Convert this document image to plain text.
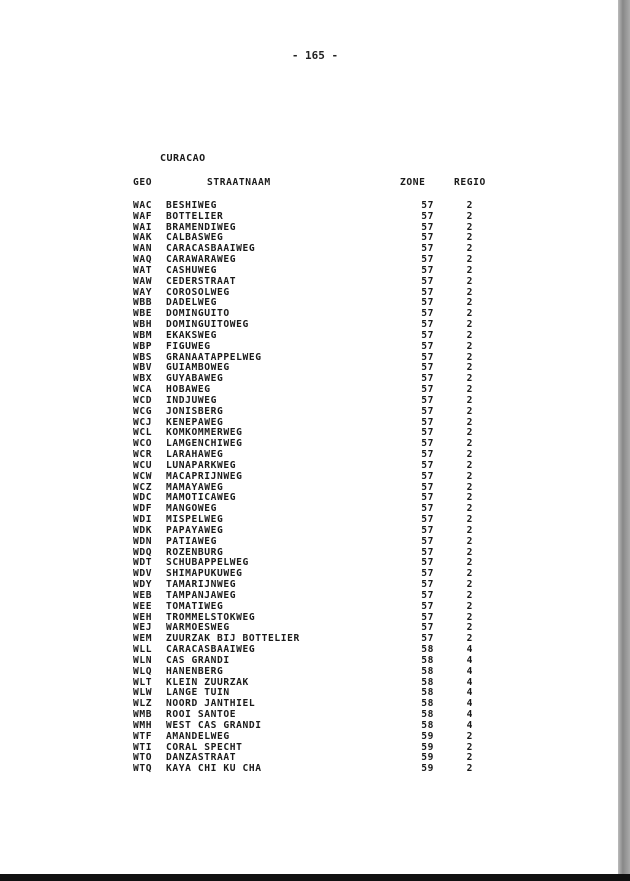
- 165 -
CURACAO
GEO	STRAATNAAM	ZONE	REGIO
WAC BESHIWEG	57	2
WAF BOTTELIER	57	2
WAI BRAMENDIWEG	57	2
WAK CALBASWEG	57	2
WAN CARACASBAAIWEG	57	2
WAQ CARAWARAWEG	57	2
WAT CASHUWEG	57	2
WAW CEDERSTRAAT	57	2
WAY COROSOLWEG	57	2
WBB DADELWEG	57	2
WBE DOMINGUITO	57	2
WBH DOMINGUITOWEG	57	2
WBM EKAKSWEG	57	2
WBP FIGUWEG	57	2
WBS GRANAATAPPELWEG	57	2
WBV GUIAMBOWEG	57	2
WBX GUYABAWEG	57	2
WCA HOBAWEG	57	2
WCD INDJUWEG	57	2
WCG JONISBERG	57	2
WCJ KENEPAWEG	57	2
WCL KOMKOMMERWEG	57	2
WCO LAMGENCHIWEG	57	2
WCR LARAHAWEG	57	2
WCU LUNAPARKWEG	57	2
WCW MACAPRIJNWEG	57	2
WCZ MAMAYAWEG	57	2
WDC MAMOTICAWEG	57	2
WDF MANGOWEG	57	2
WDI MISPELWEG	57	2
WDK PAPAYAWEG	57	2
WDN PATIAWEG	57	2
WDQ ROZENBURG	57	2
WDT SCHUBAPPELWEG	57	2
WDV SHIMAPUKUWEG	57	2
WDY TAMARIJNWEG	57	2
WEB TAMPANJAWEG	57	2
WEE TOMATIWEG	57	2
WEH TROMMELSTOKWEG	57	2
WEJ WARMOESWEG	57	2
WEM ZUURZAK BIJ BOTTELIER	57	2
WLL CARACASBAAIWEG	58	4
WLN CAS GRANDI	58	4
WLQ HANENBERG	58	4
WLT KLEIN ZUURZAK	58	4
WLW LANGE TUIN	58	4
WLZ NOORD JANTHIEL	58	4
WMB ROOI SANTOE	58	4
WMH WEST CAS GRANDI	58	4
WTF AMANDELWEG	59	2
WTI CORAL SPECHT	59	2
WTO DANZASTRAAT	59	2
WTQ KAYA CHI KU CHA	59	2
